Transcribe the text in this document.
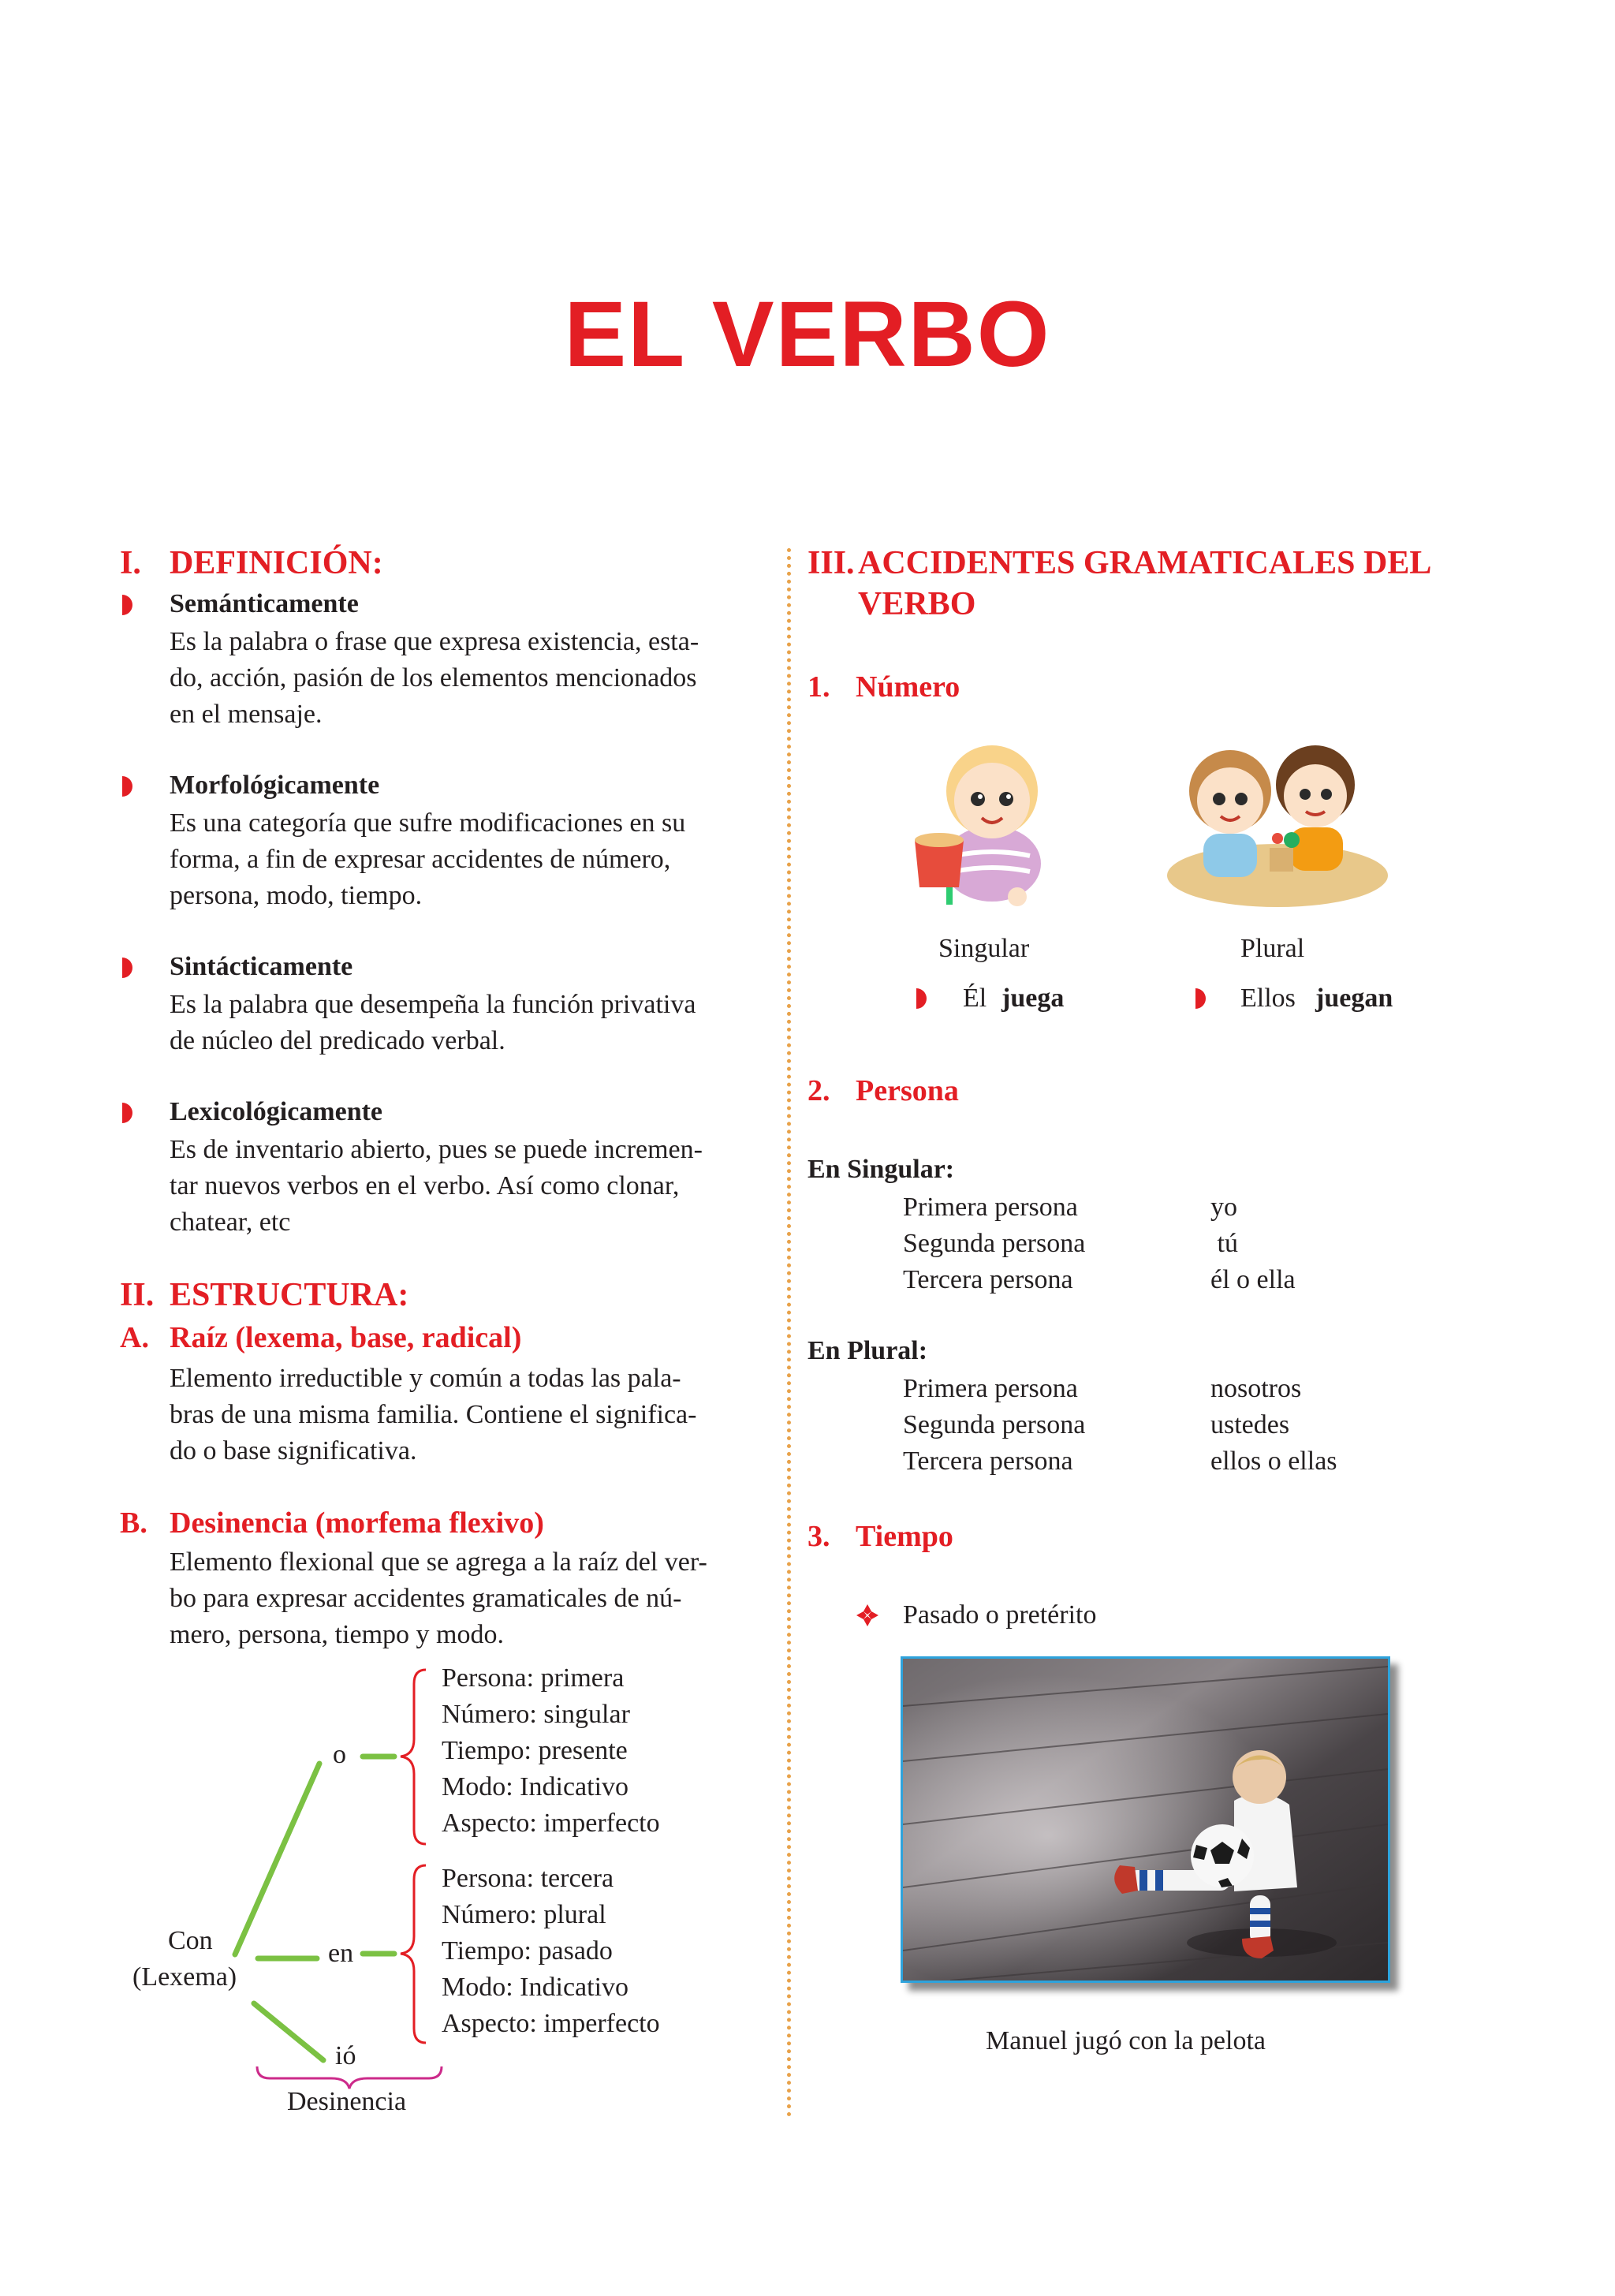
EL VERBO
I. DEFINICIÓN:
Semánticamente
Es la palabra o frase que expresa existencia, esta-
do, acción, pasión de los elementos mencionados
en el mensaje.
Morfológicamente
Es una categoría que sufre modificaciones en su
forma, a fin de expresar accidentes de número,
persona, modo, tiempo.
Sintácticamente
Es la palabra que desempeña la función privativa
de núcleo del predicado verbal.
Lexicológicamente
Es de inventario abierto, pues se puede incremen-
tar nuevos verbos en el verbo. Así como clonar,
chatear, etc
II. ESTRUCTURA:
A. Raíz (lexema, base, radical)
Elemento irreductible y común a todas las pala-
bras de una misma familia. Contiene el significa-
do o base significativa.
B. Desinencia (morfema flexivo)
Elemento flexional que se agrega a la raíz del ver-
bo para expresar accidentes gramaticales de nú-
mero, persona, tiempo y modo.
Con
(Lexema)
o
en
ió
Persona: primera
Número: singular
Tiempo: presente
Modo: Indicativo
Aspecto: imperfecto
Persona: tercera
Número: plural
Tiempo: pasado
Modo: Indicativo
Aspecto: imperfecto
Desinencia
III. ACCIDENTES GRAMATICALES DEL
VERBO
1. Número
Singular	Plural
Él juega	Ellos juegan
2. Persona
En Singular:
Primera persona	yo
Segunda persona	tú
Tercera persona	él o ella
En Plural:
Primera persona	nosotros
Segunda persona	ustedes
Tercera persona	ellos o ellas
3. Tiempo
Pasado o pretérito
Manuel jugó con la pelota
